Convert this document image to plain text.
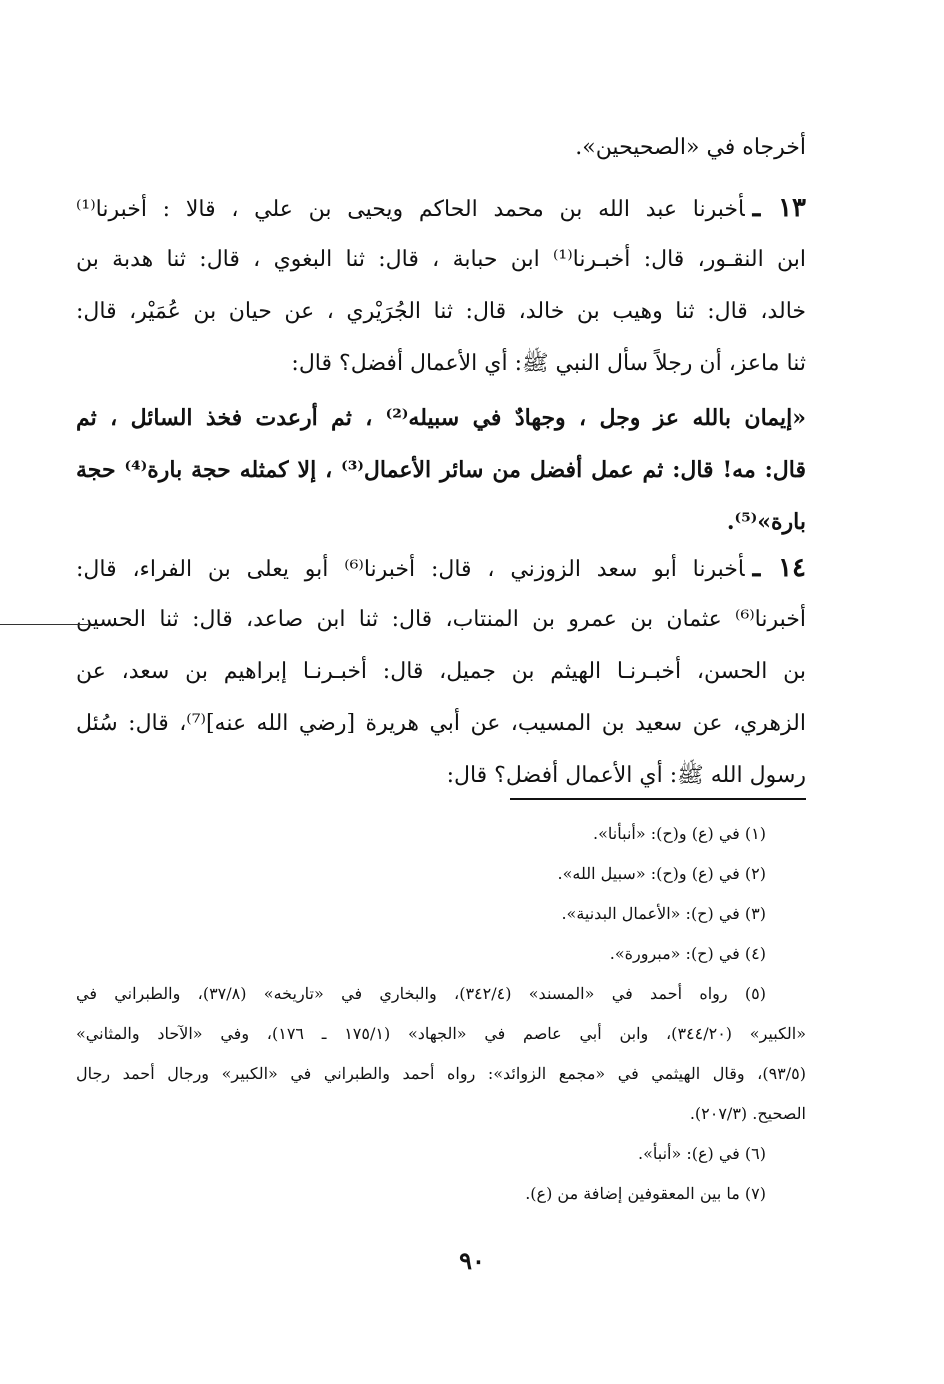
أخرجاه في «الصحيحين».
١٣ ـأخبرنا عبد الله بن محمد الحاكم ويحيى بن علي ، قالا : أخبرنا⁽¹⁾
ابن النقـور، قال: أخبـرنا⁽¹⁾ ابن حبابة ، قال: ثنا البغوي ، قال: ثنا هدبة بن
خالد، قال: ثنا وهيب بن خالد، قال: ثنا الجُرَيْري ، عن حيان بن عُمَيْر، قال:
ثنا ماعز، أن رجلاً سأل النبي ﷺ: أي الأعمال أفضل؟ قال:
«إيمان بالله عز وجل ، وجهادٌ في سبيله⁽²⁾ ، ثم أرعدت فخذ السائل ، ثم
قال: مه! قال: ثم عمل أفضل من سائر الأعمال⁽³⁾ ، إلا كمثله حجة بارة⁽⁴⁾ حجة
بارة»⁽⁵⁾.
١٤ ـأخبرنا أبو سعد الزوزني ، قال: أخبرنا⁽⁶⁾ أبو يعلى بن الفراء، قال:
أخبرنا⁽⁶⁾ عثمان بن عمرو بن المنتاب، قال: ثنا ابن صاعد، قال: ثنا الحسين
بن الحسن، أخبـرنـا الهيثم بن جميل، قال: أخبـرنـا إبراهيم بن سعد، عن
الزهري، عن سعيد بن المسيب، عن أبي هريرة [رضي الله عنه]⁽⁷⁾، قال: سُئل
رسول الله ﷺ: أي الأعمال أفضل؟ قال:
(١) في (ع) و(ح): «أنبأنا».
(٢) في (ع) و(ح): «سبيل الله».
(٣) في (ح): «الأعمال البدنية».
(٤) في (ح): «مبرورة».
(٥) رواه أحمد في «المسند» (٣٤٢/٤)، والبخاري في «تاريخه» (٣٧/٨)، والطبراني في
«الكبير» (٣٤٤/٢٠)، وابن أبي عاصم في «الجهاد» (١٧٥/١ ـ ١٧٦)، وفي «الآحاد والمثاني»
(٩٣/٥)، وقال الهيثمي في «مجمع الزوائد»: رواه أحمد والطبراني في «الكبير» ورجال أحمد رجال
الصحيح. (٢٠٧/٣).
(٦) في (ع): «أنبأ».
(٧) ما بين المعقوفين إضافة من (ع).
٩٠
